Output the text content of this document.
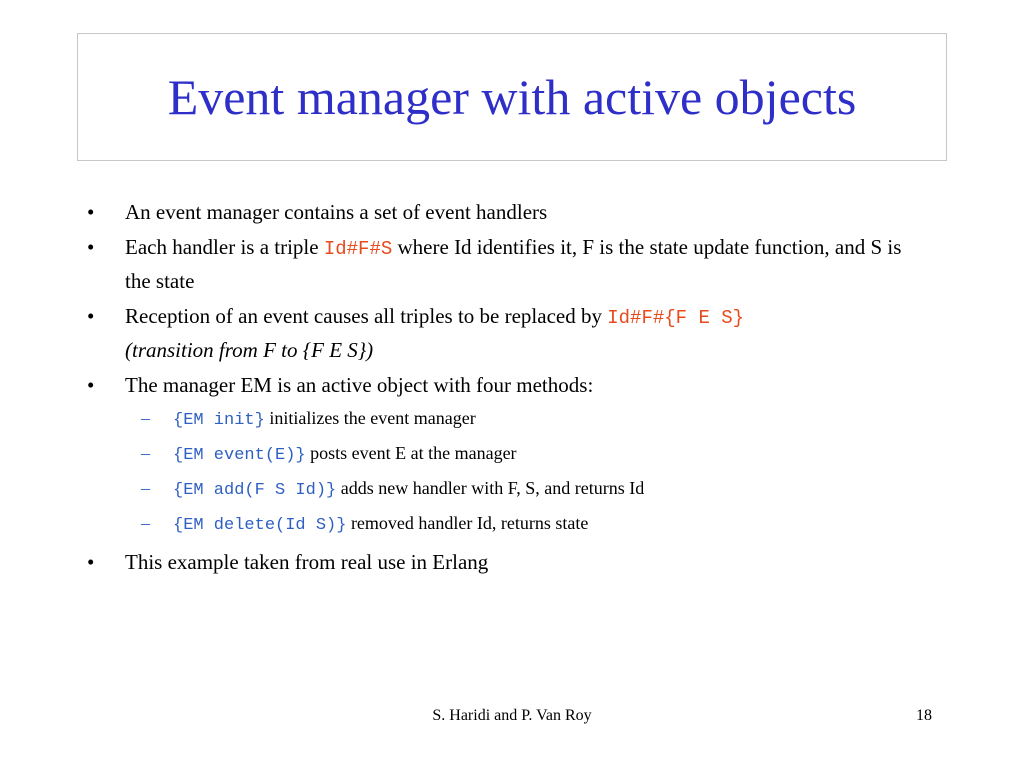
Event manager with active objects
• An event manager contains a set of event handlers
• Each handler is a triple Id#F#S where Id identifies it, F is the state update function, and S is the state
• Reception of an event causes all triples to be replaced by Id#F#{F E S}
(transition from F to {F E S})
• The manager EM is an active object with four methods:
– {EM init} initializes the event manager
– {EM event(E)} posts event E at the manager
– {EM add(F S Id)} adds new handler with F, S, and returns Id
– {EM delete(Id S)} removed handler Id, returns state
• This example taken from real use in Erlang
S. Haridi and P. Van Roy	18
